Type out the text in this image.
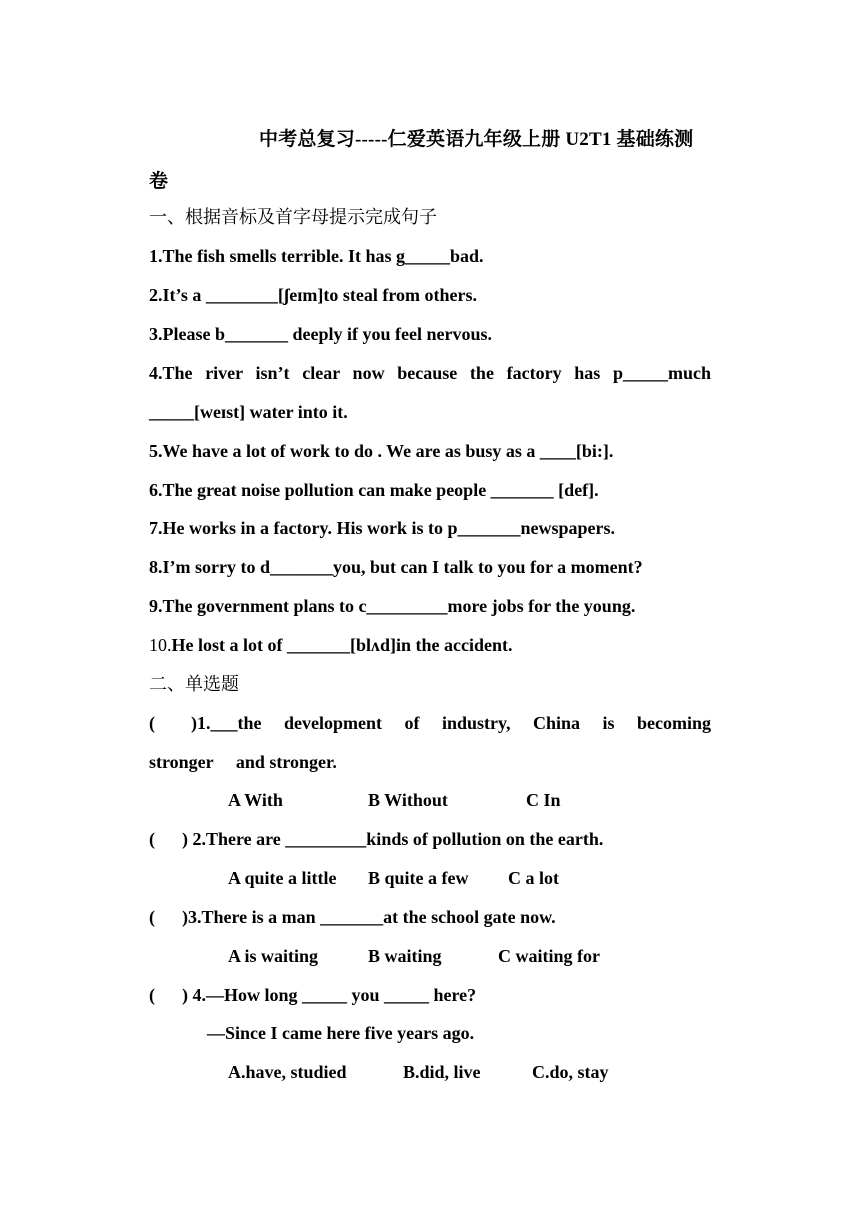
中考总复习-----仁爱英语九年级上册 U2T1 基础练测
卷
一、根据音标及首字母提示完成句子
1.The fish smells terrible. It has g_____bad.
2.It’s a ________[ʃeɪm]to steal from others.
3.Please b_______ deeply if you feel nervous.
4.The river isn’t clear now because the factory has p_____much
_____[weɪst] water into it.
5.We have a lot of work to do . We are as busy as a ____[bi:].
6.The great noise pollution can make people _______ [def].
7.He works in a factory. His work is to p_______newspapers.
8.I’m sorry to d_______you, but can I talk to you for a moment?
9.The government plans to c_________more jobs for the young.
10.He lost a lot of _______[blʌd]in the accident.
二、单选题
(        )1.___the development of industry, China is becoming
stronger     and stronger.
A With	B Without	C In
(      ) 2.There are _________kinds of pollution on the earth.
A quite a little B quite a few C a lot
(      )3.There is a man _______at the school gate now.
A is waiting	B waiting	C waiting for
(      ) 4.—How long _____ you _____ here?
—Since I came here five years ago.
A.have, studied	B.did, live	C.do, stay
